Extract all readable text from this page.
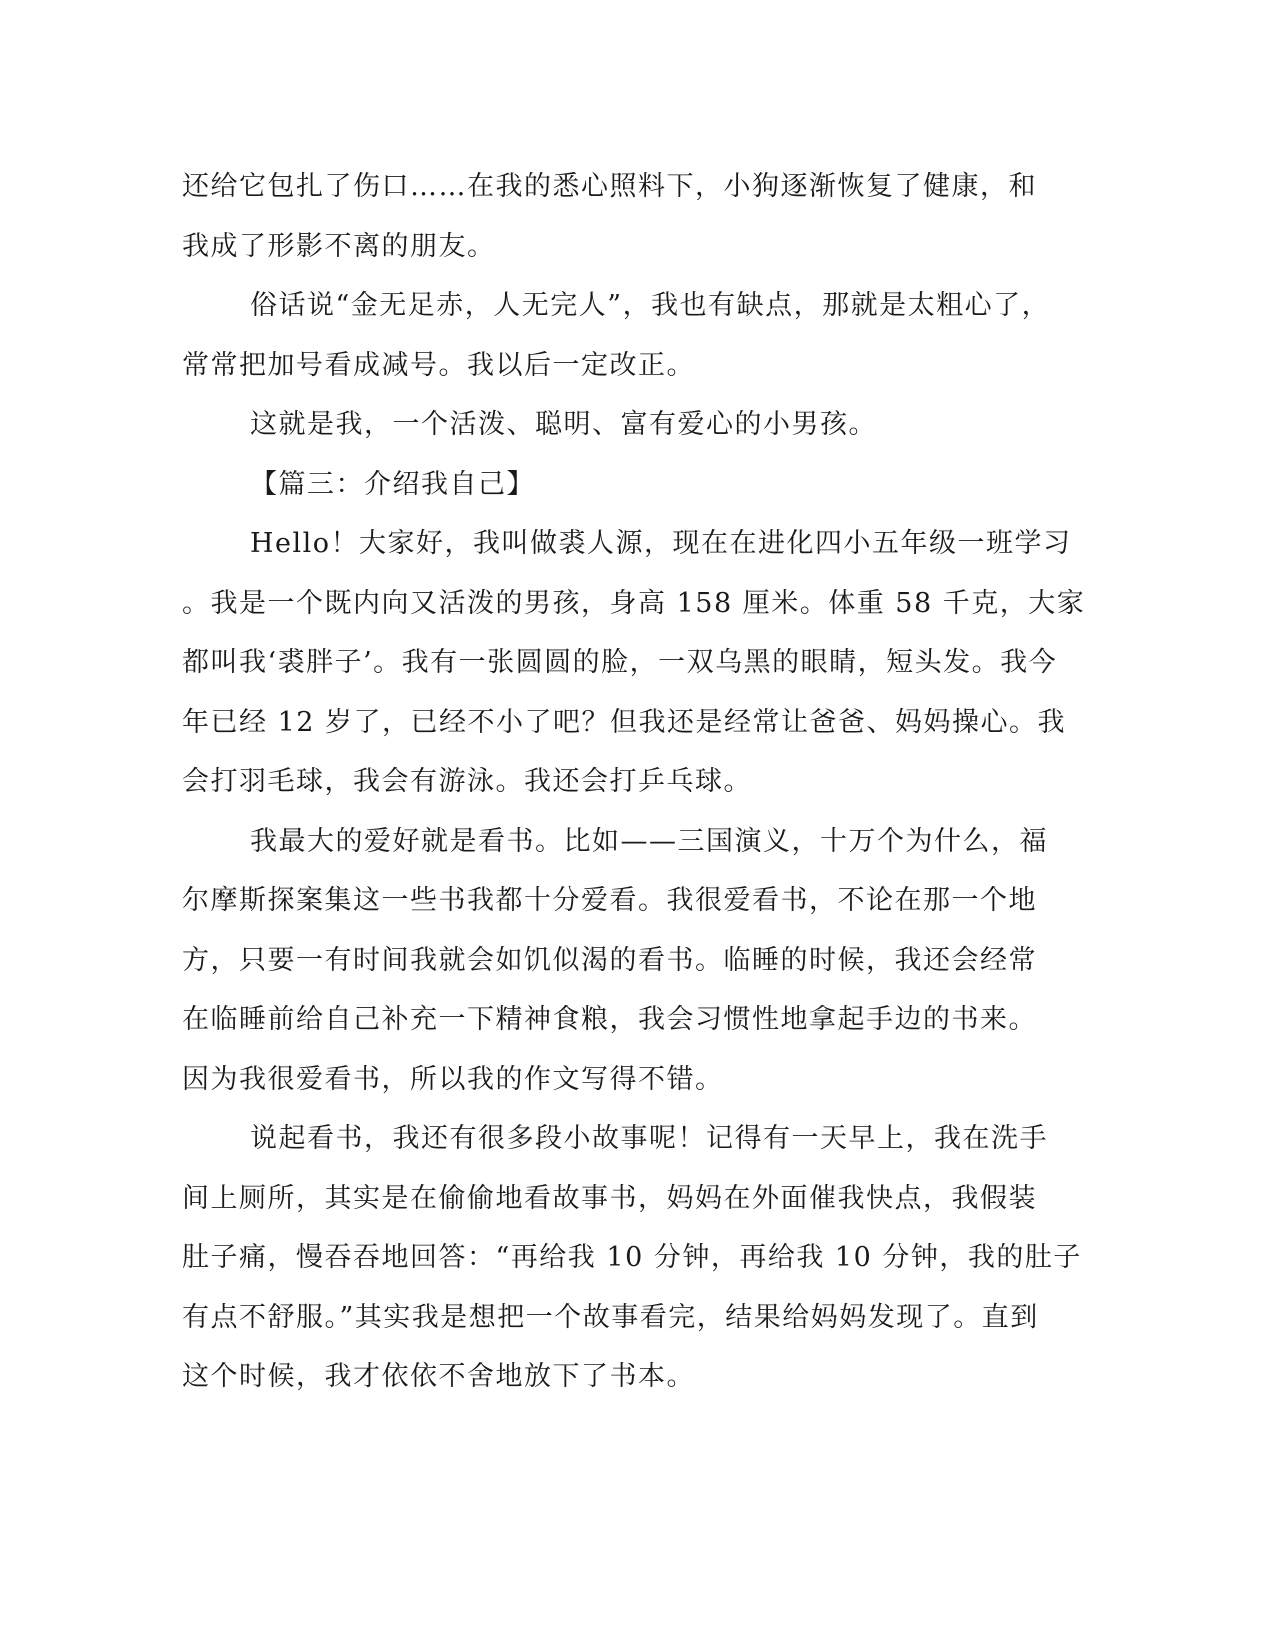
还给它包扎了伤口……在我的悉心照料下，小狗逐渐恢复了健康，和
我成了形影不离的朋友。
俗话说“金无足赤，人无完人”，我也有缺点，那就是太粗心了，
常常把加号看成减号。我以后一定改正。
这就是我，一个活泼、聪明、富有爱心的小男孩。
【篇三：介绍我自己】
Hello！大家好，我叫做裘人源，现在在进化四小五年级一班学习
。我是一个既内向又活泼的男孩，身高 158 厘米。体重 58 千克，大家
都叫我‘裘胖子’。我有一张圆圆的脸，一双乌黑的眼睛，短头发。我今
年已经 12 岁了，已经不小了吧？但我还是经常让爸爸、妈妈操心。我
会打羽毛球，我会有游泳。我还会打乒乓球。
我最大的爱好就是看书。比如——三国演义，十万个为什么，福
尔摩斯探案集这一些书我都十分爱看。我很爱看书，不论在那一个地
方，只要一有时间我就会如饥似渴的看书。临睡的时候，我还会经常
在临睡前给自己补充一下精神食粮，我会习惯性地拿起手边的书来。
因为我很爱看书，所以我的作文写得不错。
说起看书，我还有很多段小故事呢！记得有一天早上，我在洗手
间上厕所，其实是在偷偷地看故事书，妈妈在外面催我快点，我假装
肚子痛，慢吞吞地回答：“再给我 10 分钟，再给我 10 分钟，我的肚子
有点不舒服。”其实我是想把一个故事看完，结果给妈妈发现了。直到
这个时候，我才依依不舍地放下了书本。
